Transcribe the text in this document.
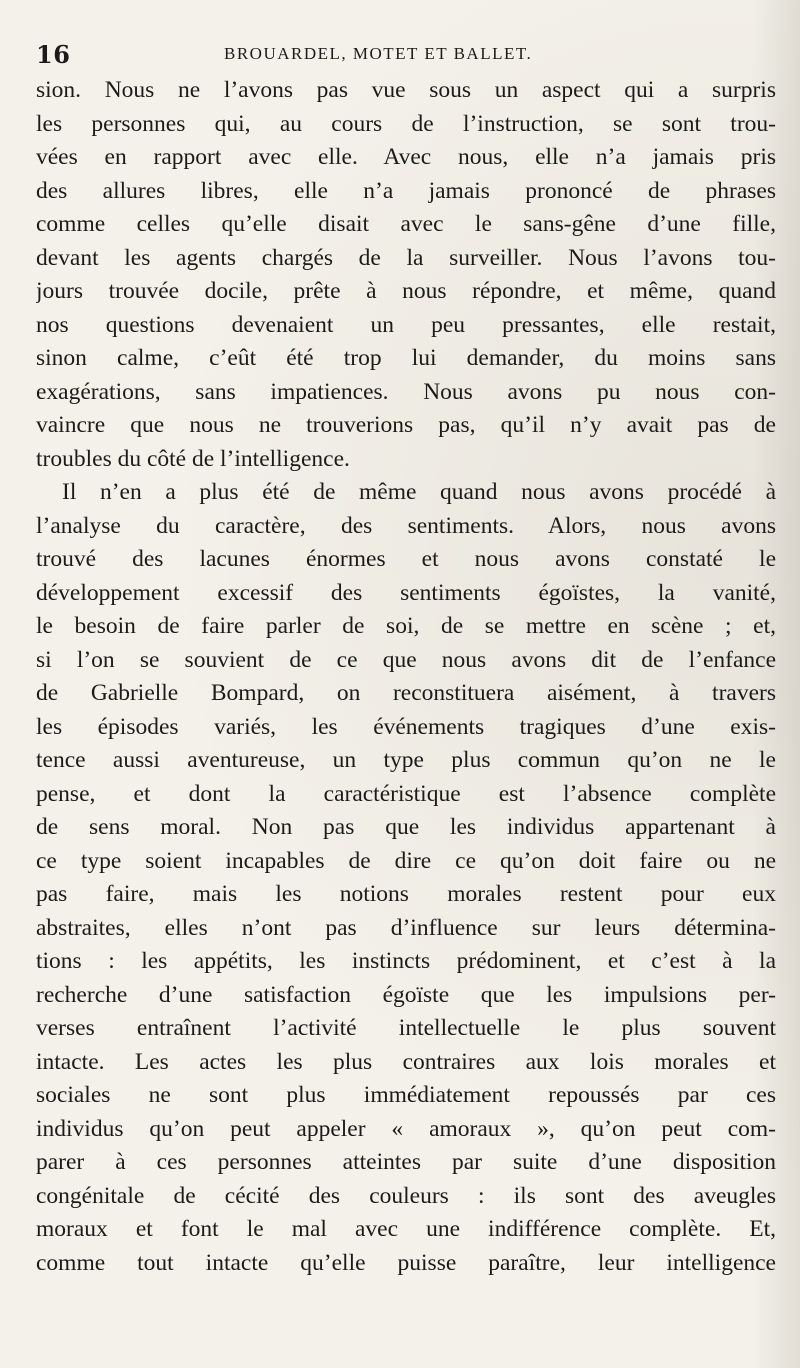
16	BROUARDEL, MOTET ET BALLET.
sion. Nous ne l’avons pas vue sous un aspect qui a surpris
les personnes qui, au cours de l’instruction, se sont trou-
vées en rapport avec elle. Avec nous, elle n’a jamais pris
des allures libres, elle n’a jamais prononcé de phrases
comme celles qu’elle disait avec le sans-gêne d’une fille,
devant les agents chargés de la surveiller. Nous l’avons tou-
jours trouvée docile, prête à nous répondre, et même, quand
nos questions devenaient un peu pressantes, elle restait,
sinon calme, c’eût été trop lui demander, du moins sans
exagérations, sans impatiences. Nous avons pu nous con-
vaincre que nous ne trouverions pas, qu’il n’y avait pas de
troubles du côté de l’intelligence.
Il n’en a plus été de même quand nous avons procédé à
l’analyse du caractère, des sentiments. Alors, nous avons
trouvé des lacunes énormes et nous avons constaté le
développement excessif des sentiments égoïstes, la vanité,
le besoin de faire parler de soi, de se mettre en scène ; et,
si l’on se souvient de ce que nous avons dit de l’enfance
de Gabrielle Bompard, on reconstituera aisément, à travers
les épisodes variés, les événements tragiques d’une exis-
tence aussi aventureuse, un type plus commun qu’on ne le
pense, et dont la caractéristique est l’absence complète
de sens moral. Non pas que les individus appartenant à
ce type soient incapables de dire ce qu’on doit faire ou ne
pas faire, mais les notions morales restent pour eux
abstraites, elles n’ont pas d’influence sur leurs détermina-
tions : les appétits, les instincts prédominent, et c’est à la
recherche d’une satisfaction égoïste que les impulsions per-
verses entraînent l’activité intellectuelle le plus souvent
intacte. Les actes les plus contraires aux lois morales et
sociales ne sont plus immédiatement repoussés par ces
individus qu’on peut appeler « amoraux », qu’on peut com-
parer à ces personnes atteintes par suite d’une disposition
congénitale de cécité des couleurs : ils sont des aveugles
moraux et font le mal avec une indifférence complète. Et,
comme tout intacte qu’elle puisse paraître, leur intelligence
